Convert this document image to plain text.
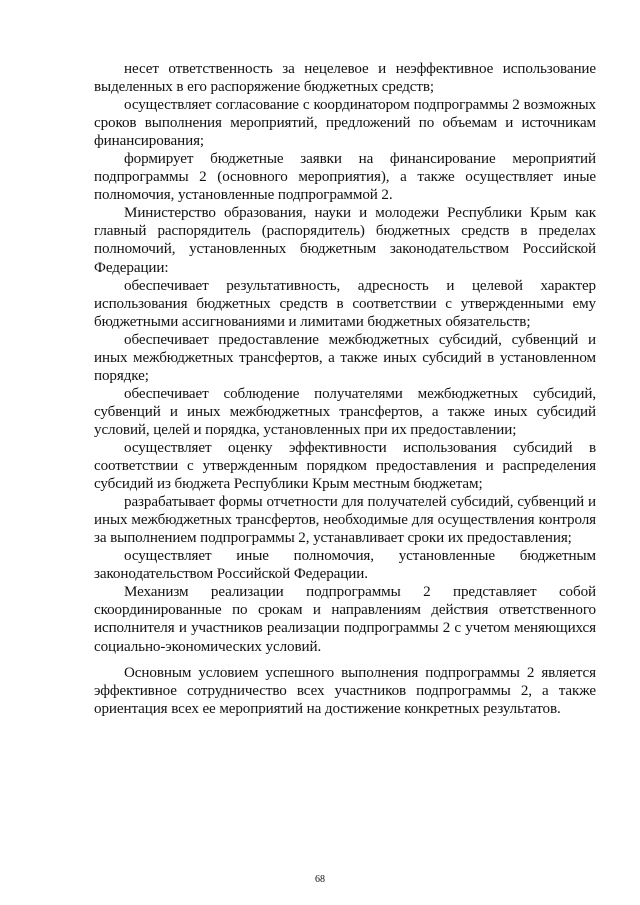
несет ответственность за нецелевое и неэффективное использование выделенных в его распоряжение бюджетных средств;

осуществляет согласование с координатором подпрограммы 2 возможных сроков выполнения мероприятий, предложений по объемам и источникам финансирования;

формирует бюджетные заявки на финансирование мероприятий подпрограммы 2 (основного мероприятия), а также осуществляет иные полномочия, установленные подпрограммой 2.

Министерство образования, науки и молодежи Республики Крым как главный распорядитель (распорядитель) бюджетных средств в пределах полномочий, установленных бюджетным законодательством Российской Федерации:

обеспечивает результативность, адресность и целевой характер использования бюджетных средств в соответствии с утвержденными ему бюджетными ассигнованиями и лимитами бюджетных обязательств;

обеспечивает предоставление межбюджетных субсидий, субвенций и иных межбюджетных трансфертов, а также иных субсидий в установленном порядке;

обеспечивает соблюдение получателями межбюджетных субсидий, субвенций и иных межбюджетных трансфертов, а также иных субсидий условий, целей и порядка, установленных при их предоставлении;

осуществляет оценку эффективности использования субсидий в соответствии с утвержденным порядком предоставления и распределения субсидий из бюджета Республики Крым местным бюджетам;

разрабатывает формы отчетности для получателей субсидий, субвенций и иных межбюджетных трансфертов, необходимые для осуществления контроля за выполнением подпрограммы 2, устанавливает сроки их предоставления;

осуществляет иные полномочия, установленные бюджетным законодательством Российской Федерации.

Механизм реализации подпрограммы 2 представляет собой скоординированные по срокам и направлениям действия ответственного исполнителя и участников реализации подпрограммы 2 с учетом меняющихся социально-экономических условий.

Основным условием успешного выполнения подпрограммы 2 является эффективное сотрудничество всех участников подпрограммы 2, а также ориентация всех ее мероприятий на достижение конкретных результатов.

68
